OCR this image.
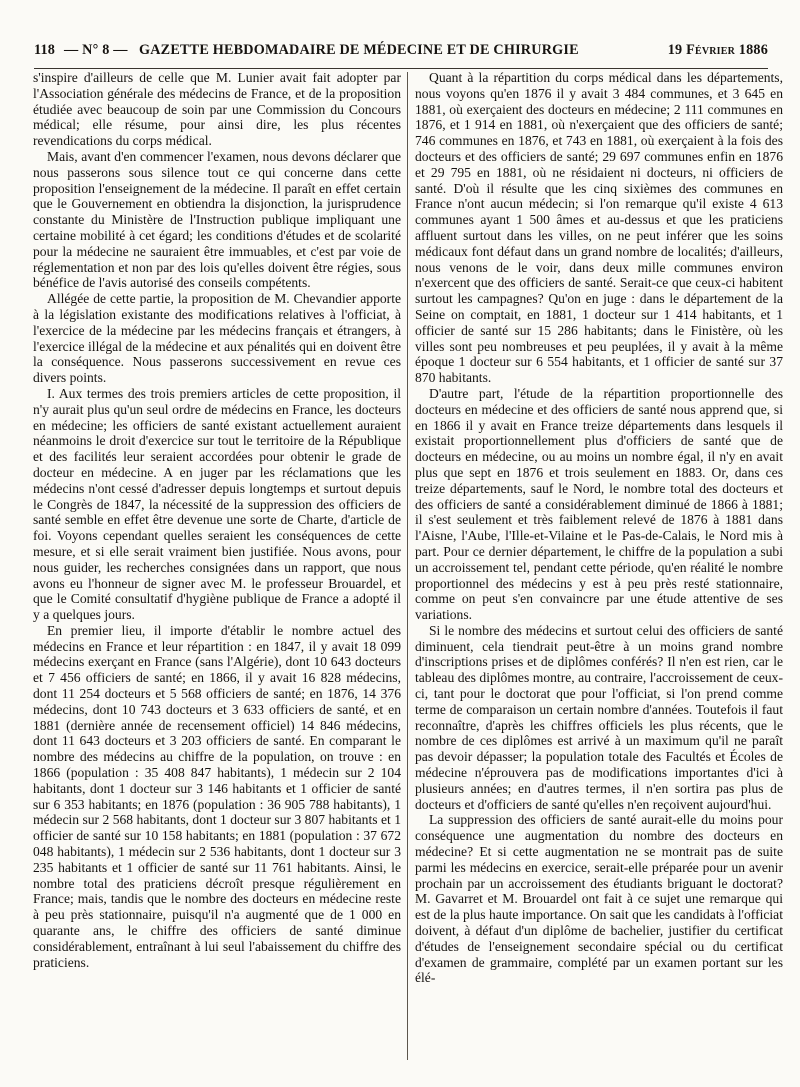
118 — N° 8 — GAZETTE HEBDOMADAIRE DE MÉDECINE ET DE CHIRURGIE	19 Février 1886

s'inspire d'ailleurs de celle que M. Lunier avait fait adopter par l'Association générale des médecins de France, et de la proposition étudiée avec beaucoup de soin par une Commission du Concours médical; elle résume, pour ainsi dire, les plus récentes revendications du corps médical.

Mais, avant d'en commencer l'examen, nous devons déclarer que nous passerons sous silence tout ce qui concerne dans cette proposition l'enseignement de la médecine. Il paraît en effet certain que le Gouvernement en obtiendra la disjonction, la jurisprudence constante du Ministère de l'Instruction publique impliquant une certaine mobilité à cet égard; les conditions d'études et de scolarité pour la médecine ne sauraient être immuables, et c'est par voie de réglementation et non par des lois qu'elles doivent être régies, sous bénéfice de l'avis autorisé des conseils compétents.

Allégée de cette partie, la proposition de M. Chevandier apporte à la législation existante des modifications relatives à l'officiat, à l'exercice de la médecine par les médecins français et étrangers, à l'exercice illégal de la médecine et aux pénalités qui en doivent être la conséquence. Nous passerons successivement en revue ces divers points.

I. Aux termes des trois premiers articles de cette proposition, il n'y aurait plus qu'un seul ordre de médecins en France, les docteurs en médecine; les officiers de santé existant actuellement auraient néanmoins le droit d'exercice sur tout le territoire de la République et des facilités leur seraient accordées pour obtenir le grade de docteur en médecine. A en juger par les réclamations que les médecins n'ont cessé d'adresser depuis longtemps et surtout depuis le Congrès de 1847, la nécessité de la suppression des officiers de santé semble en effet être devenue une sorte de Charte, d'article de foi. Voyons cependant quelles seraient les conséquences de cette mesure, et si elle serait vraiment bien justifiée. Nous avons, pour nous guider, les recherches consignées dans un rapport, que nous avons eu l'honneur de signer avec M. le professeur Brouardel, et que le Comité consultatif d'hygiène publique de France a adopté il y a quelques jours.

En premier lieu, il importe d'établir le nombre actuel des médecins en France et leur répartition : en 1847, il y avait 18 099 médecins exerçant en France (sans l'Algérie), dont 10 643 docteurs et 7 456 officiers de santé; en 1866, il y avait 16 828 médecins, dont 11 254 docteurs et 5 568 officiers de santé; en 1876, 14 376 médecins, dont 10 743 docteurs et 3 633 officiers de santé, et en 1881 (dernière année de recensement officiel) 14 846 médecins, dont 11 643 docteurs et 3 203 officiers de santé. En comparant le nombre des médecins au chiffre de la population, on trouve : en 1866 (population : 35 408 847 habitants), 1 médecin sur 2 104 habitants, dont 1 docteur sur 3 146 habitants et 1 officier de santé sur 6 353 habitants; en 1876 (population : 36 905 788 habitants), 1 médecin sur 2 568 habitants, dont 1 docteur sur 3 807 habitants et 1 officier de santé sur 10 158 habitants; en 1881 (population : 37 672 048 habitants), 1 médecin sur 2 536 habitants, dont 1 docteur sur 3 235 habitants et 1 officier de santé sur 11 761 habitants. Ainsi, le nombre total des praticiens décroît presque régulièrement en France; mais, tandis que le nombre des docteurs en médecine reste à peu près stationnaire, puisqu'il n'a augmenté que de 1 000 en quarante ans, le chiffre des officiers de santé diminue considérablement, entraînant à lui seul l'abaissement du chiffre des praticiens.

Quant à la répartition du corps médical dans les départements, nous voyons qu'en 1876 il y avait 3 484 communes, et 3 645 en 1881, où exerçaient des docteurs en médecine; 2 111 communes en 1876, et 1 914 en 1881, où n'exerçaient que des officiers de santé; 746 communes en 1876, et 743 en 1881, où exerçaient à la fois des docteurs et des officiers de santé; 29 697 communes enfin en 1876 et 29 795 en 1881, où ne résidaient ni docteurs, ni officiers de santé. D'où il résulte que les cinq sixièmes des communes en France n'ont aucun médecin; si l'on remarque qu'il existe 4 613 communes ayant 1 500 âmes et au-dessus et que les praticiens affluent surtout dans les villes, on ne peut inférer que les soins médicaux font défaut dans un grand nombre de localités; d'ailleurs, nous venons de le voir, dans deux mille communes environ n'exercent que des officiers de santé. Serait-ce que ceux-ci habitent surtout les campagnes? Qu'on en juge : dans le département de la Seine on comptait, en 1881, 1 docteur sur 1 414 habitants, et 1 officier de santé sur 15 286 habitants; dans le Finistère, où les villes sont peu nombreuses et peu peuplées, il y avait à la même époque 1 docteur sur 6 554 habitants, et 1 officier de santé sur 37 870 habitants.

D'autre part, l'étude de la répartition proportionnelle des docteurs en médecine et des officiers de santé nous apprend que, si en 1866 il y avait en France treize départements dans lesquels il existait proportionnellement plus d'officiers de santé que de docteurs en médecine, ou au moins un nombre égal, il n'y en avait plus que sept en 1876 et trois seulement en 1883. Or, dans ces treize départements, sauf le Nord, le nombre total des docteurs et des officiers de santé a considérablement diminué de 1866 à 1881; il s'est seulement et très faiblement relevé de 1876 à 1881 dans l'Aisne, l'Aube, l'Ille-et-Vilaine et le Pas-de-Calais, le Nord mis à part. Pour ce dernier département, le chiffre de la population a subi un accroissement tel, pendant cette période, qu'en réalité le nombre proportionnel des médecins y est à peu près resté stationnaire, comme on peut s'en convaincre par une étude attentive de ses variations.

Si le nombre des médecins et surtout celui des officiers de santé diminuent, cela tiendrait peut-être à un moins grand nombre d'inscriptions prises et de diplômes conférés? Il n'en est rien, car le tableau des diplômes montre, au contraire, l'accroissement de ceux-ci, tant pour le doctorat que pour l'officiat, si l'on prend comme terme de comparaison un certain nombre d'années. Toutefois il faut reconnaître, d'après les chiffres officiels les plus récents, que le nombre de ces diplômes est arrivé à un maximum qu'il ne paraît pas devoir dépasser; la population totale des Facultés et Écoles de médecine n'éprouvera pas de modifications importantes d'ici à plusieurs années; en d'autres termes, il n'en sortira pas plus de docteurs et d'officiers de santé qu'elles n'en reçoivent aujourd'hui.

La suppression des officiers de santé aurait-elle du moins pour conséquence une augmentation du nombre des docteurs en médecine? Et si cette augmentation ne se montrait pas de suite parmi les médecins en exercice, serait-elle préparée pour un avenir prochain par un accroissement des étudiants briguant le doctorat? M. Gavarret et M. Brouardel ont fait à ce sujet une remarque qui est de la plus haute importance. On sait que les candidats à l'officiat doivent, à défaut d'un diplôme de bachelier, justifier du certificat d'études de l'enseignement secondaire spécial ou du certificat d'examen de grammaire, complété par un examen portant sur les élé-
